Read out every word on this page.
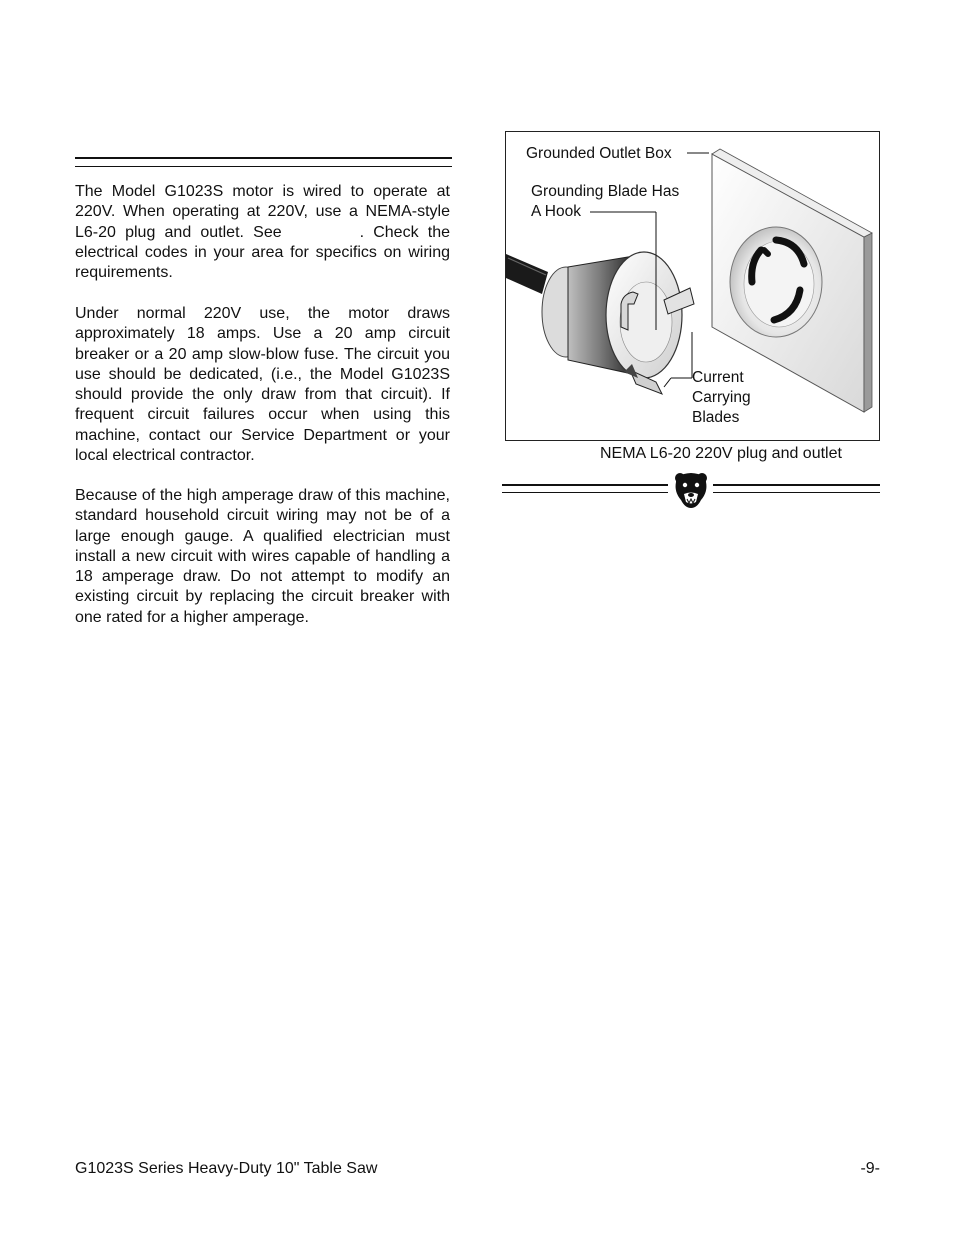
The Model G1023S motor is wired to operate at 220V. When operating at 220V, use a NEMA-style L6-20 plug and outlet. See	. Check the electrical codes in your area for specifics on wiring requirements.

Under normal 220V use, the motor draws approximately 18 amps. Use a 20 amp circuit breaker or a 20 amp slow-blow fuse. The circuit you use should be dedicated, (i.e., the Model G1023S should provide the only draw from that circuit). If frequent circuit failures occur when using this machine, contact our Service Department or your local electrical contractor.

Because of the high amperage draw of this machine, standard household circuit wiring may not be of a large enough gauge. A qualified electrician must install a new circuit with wires capable of handling a 18 amperage draw. Do not attempt to modify an existing circuit by replacing the circuit breaker with one rated for a higher amperage.

Grounded Outlet Box
Grounding Blade Has
A Hook
Current
Carrying
Blades
NEMA L6-20 220V plug and outlet
G1023S Series Heavy-Duty 10" Table Saw	-9-
